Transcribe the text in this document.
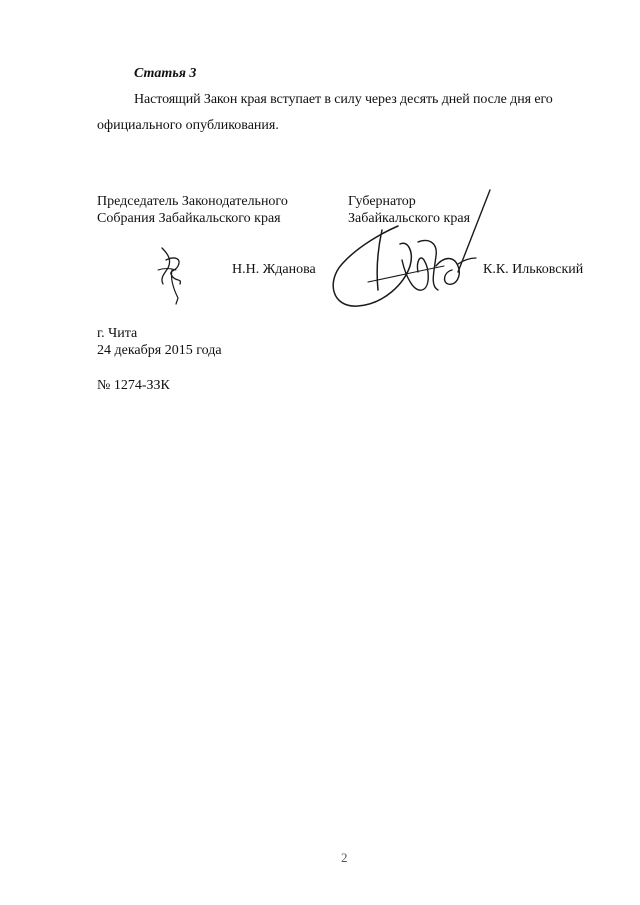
Статья 3
Настоящий Закон края вступает в силу через десять дней после дня его
официального опубликования.
Председатель Законодательного
Собрания Забайкальского края
Н.Н. Жданова
Губернатор
Забайкальского края
К.К. Ильковский
г. Чита
24 декабря 2015 года
№ 1274-ЗЗК
2
